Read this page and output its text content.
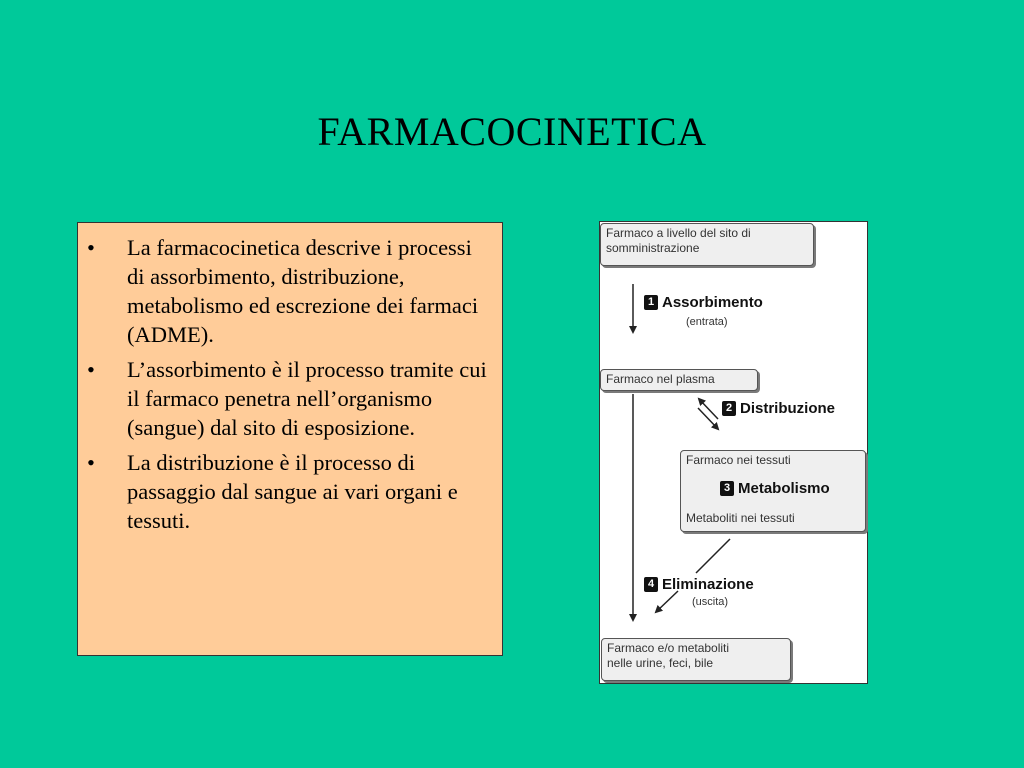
FARMACOCINETICA
• La farmacocinetica descrive i processi di assorbimento, distribuzione, metabolismo ed escrezione dei farmaci (ADME).
• L’assorbimento è il processo tramite cui il farmaco penetra nell’organismo (sangue) dal sito di esposizione.
• La distribuzione è il processo di passaggio dal sangue ai vari organi e tessuti.
Farmaco a livello del sito di
somministrazione
1 Assorbimento
(entrata)
Farmaco nel plasma
2 Distribuzione
Farmaco nei tessuti
Metaboliti nei tessuti
3 Metabolismo
4 Eliminazione
(uscita)
Farmaco e/o metaboliti
nelle urine, feci, bile
